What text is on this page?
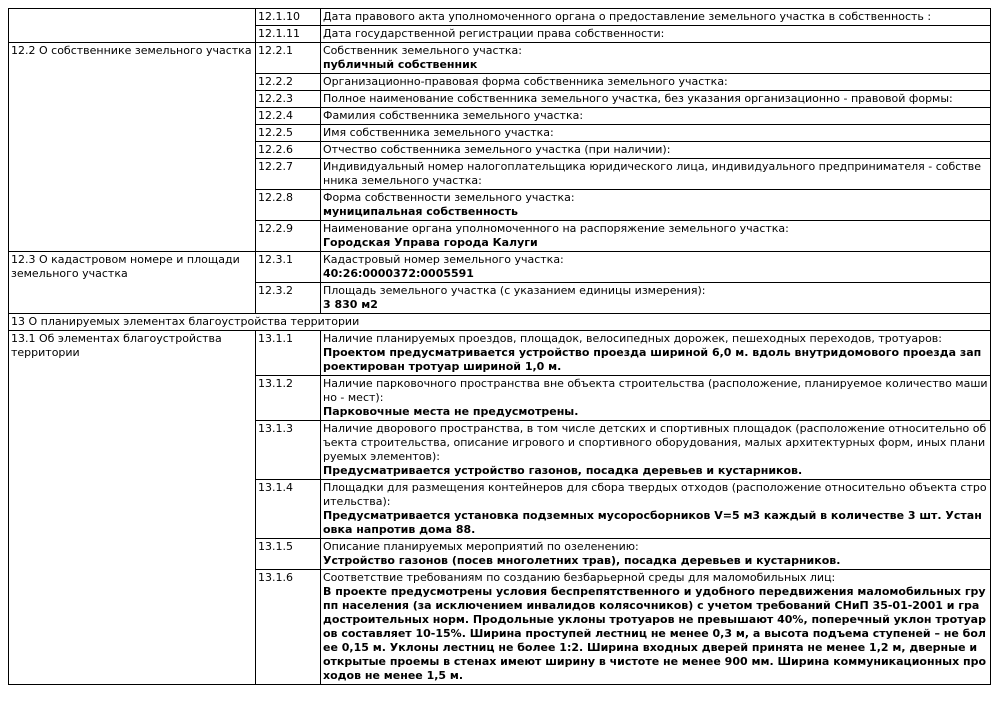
	12.1.10	Дата правового акта уполномоченного органа о предоставление земельного участка в собственность :

	12.1.11	Дата государственной регистрации права собственности:

12.2 О собственнике земельного участка	12.2.1	Собственник земельного участка:
публичный собственник

	12.2.2	Организационно-правовая форма собственника земельного участка:

	12.2.3	Полное наименование собственника земельного участка, без указания организационно - правовой формы:

	12.2.4	Фамилия собственника земельного участка:

	12.2.5	Имя собственника земельного участка:

	12.2.6	Отчество собственника земельного участка (при наличии):

	12.2.7	Индивидуальный номер налогоплательщика юридического лица, индивидуального предпринимателя - собственника земельного участка:

	12.2.8	Форма собственности земельного участка:
муниципальная собственность

	12.2.9	Наименование органа уполномоченного на распоряжение земельного участка:
Городская Управа города Калуги

12.3 О кадастровом номере и площади земельного участка	12.3.1	Кадастровый номер земельного участка:
40:26:0000372:0005591

	12.3.2	Площадь земельного участка (с указанием единицы измерения):
3 830 м2

13 О планируемых элементах благоустройства территории		
13.1 Об элементах благоустройства территории	13.1.1	Наличие планируемых проездов, площадок, велосипедных дорожек, пешеходных переходов, тротуаров:
Проектом предусматривается устройство проезда шириной 6,0 м. вдоль внутридомового проезда запроектирован тротуар шириной 1,0 м.

	13.1.2	Наличие парковочного пространства вне объекта строительства (расположение, планируемое количество машино - мест):
Парковочные места не предусмотрены.

	13.1.3	Наличие дворового пространства, в том числе детских и спортивных площадок (расположение относительно объекта строительства, описание игрового и спортивного оборудования, малых архитектурных форм, иных планируемых элементов):
Предусматривается устройство газонов, посадка деревьев и кустарников.

	13.1.4	Площадки для размещения контейнеров для сбора твердых отходов (расположение относительно объекта строительства):
Предусматривается установка подземных мусоросборников V=5 м3 каждый в количестве 3 шт. Установка напротив дома 88.

	13.1.5	Описание планируемых мероприятий по озеленению:
Устройство газонов (посев многолетних трав), посадка деревьев и кустарников.

	13.1.6	Соответствие требованиям по созданию безбарьерной среды для маломобильных лиц:
В проекте предусмотрены условия беспрепятственного и удобного передвижения маломобильных групп населения (за исключением инвалидов колясочников) с учетом требований СНиП 35-01-2001 и градостроительных норм. Продольные уклоны тротуаров не превышают 40%, поперечный уклон тротуаров составляет 10-15%. Ширина проступей лестниц не менее 0,3 м, а высота подъема ступеней – не более 0,15 м. Уклоны лестниц не более 1:2. Ширина входных дверей принята не менее 1,2 м, дверные и открытые проемы в стенах имеют ширину в чистоте не менее 900 мм. Ширина коммуникационных проходов не менее 1,5 м.
